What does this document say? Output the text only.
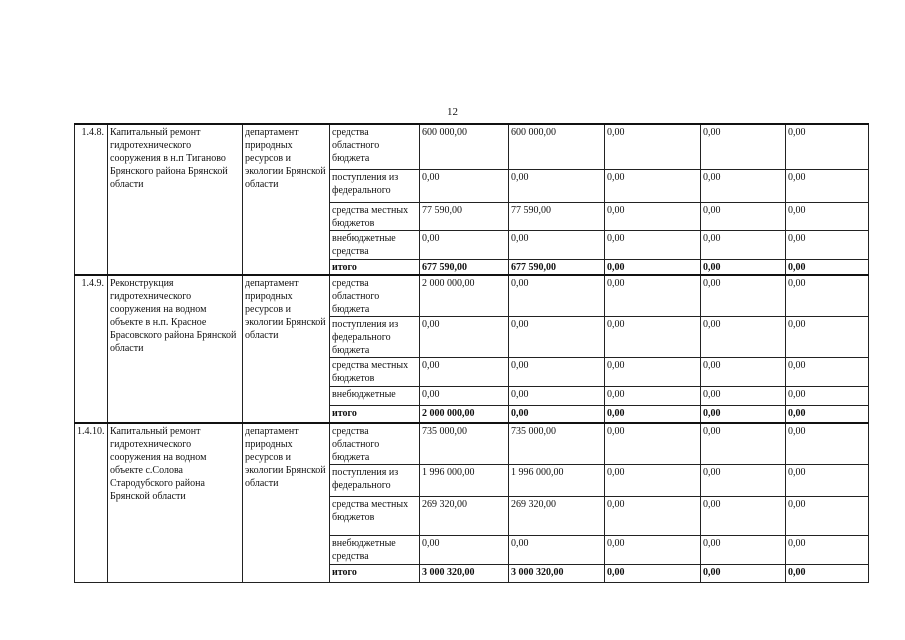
12
1.4.8.	Капитальный ремонт гидротехнического сооружения в н.п Тиганово Брянского района Брянской области	департамент природных ресурсов и экологии Брянской области	средства областного бюджета	600 000,00	600 000,00	0,00	0,00	0,00
			поступления из федерального	0,00	0,00	0,00	0,00	0,00
			средства местных бюджетов	77 590,00	77 590,00	0,00	0,00	0,00
			внебюджетные средства	0,00	0,00	0,00	0,00	0,00
			итого	677 590,00	677 590,00	0,00	0,00	0,00
1.4.9.	Реконструкция гидротехнического сооружения на водном объекте в н.п. Красное Брасовского района Брянской области	департамент природных ресурсов и экологии Брянской области	средства областного бюджета	2 000 000,00	0,00	0,00	0,00	0,00
			поступления из федерального бюджета	0,00	0,00	0,00	0,00	0,00
			средства местных бюджетов	0,00	0,00	0,00	0,00	0,00
			внебюджетные	0,00	0,00	0,00	0,00	0,00
			итого	2 000 000,00	0,00	0,00	0,00	0,00
1.4.10.	Капитальный ремонт гидротехнического сооружения на водном объекте с.Солова Стародубского района Брянской области	департамент природных ресурсов и экологии Брянской области	средства областного бюджета	735 000,00	735 000,00	0,00	0,00	0,00
			поступления из федерального	1 996 000,00	1 996 000,00	0,00	0,00	0,00
			средства местных бюджетов	269 320,00	269 320,00	0,00	0,00	0,00
			внебюджетные средства	0,00	0,00	0,00	0,00	0,00
			итого	3 000 320,00	3 000 320,00	0,00	0,00	0,00
